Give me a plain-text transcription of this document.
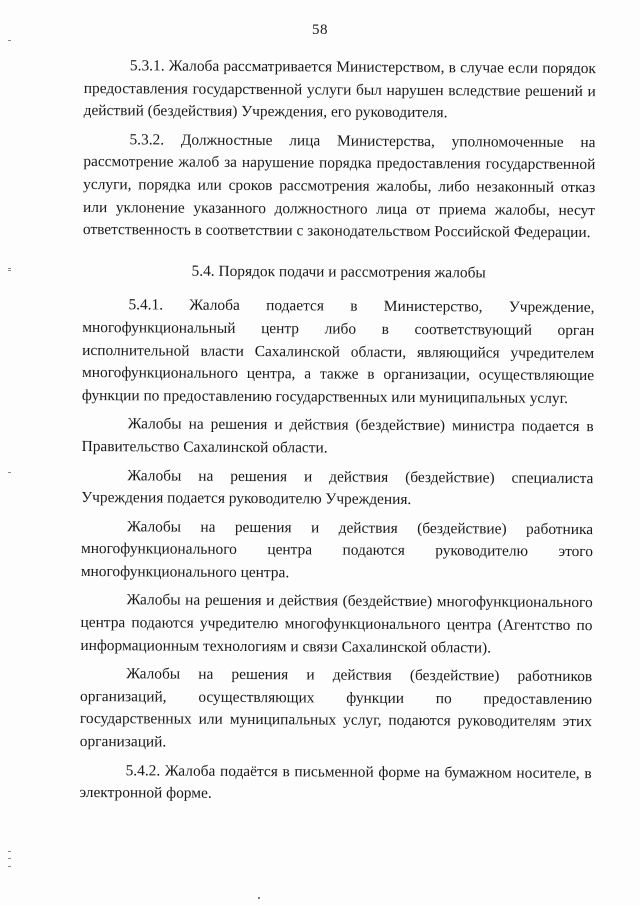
58

5.3.1. Жалоба рассматривается Министерством, в случае если порядок предоставления государственной услуги был нарушен вследствие решений и действий (бездействия) Учреждения, его руководителя.

5.3.2. Должностные лица Министерства, уполномоченные на рассмотрение жалоб за нарушение порядка предоставления государственной услуги, порядка или сроков рассмотрения жалобы, либо незаконный отказ или уклонение указанного должностного лица от приема жалобы, несут ответственность в соответствии с законодательством Российской Федерации.

5.4. Порядок подачи и рассмотрения жалобы

5.4.1. Жалоба подается в Министерство, Учреждение, многофункциональный центр либо в соответствующий орган исполнительной власти Сахалинской области, являющийся учредителем многофункционального центра, а также в организации, осуществляющие функции по предоставлению государственных или муниципальных услуг.

Жалобы на решения и действия (бездействие) министра подается в Правительство Сахалинской области.

Жалобы на решения и действия (бездействие) специалиста Учреждения подается руководителю Учреждения.

Жалобы на решения и действия (бездействие) работника многофункционального центра подаются руководителю этого многофункционального центра.

Жалобы на решения и действия (бездействие) многофункционального центра подаются учредителю многофункционального центра (Агентство по информационным технологиям и связи Сахалинской области).

Жалобы на решения и действия (бездействие) работников организаций, осуществляющих функции по предоставлению государственных или муниципальных услуг, подаются руководителям этих организаций.

5.4.2. Жалоба подаётся в письменной форме на бумажном носителе, в электронной форме.
